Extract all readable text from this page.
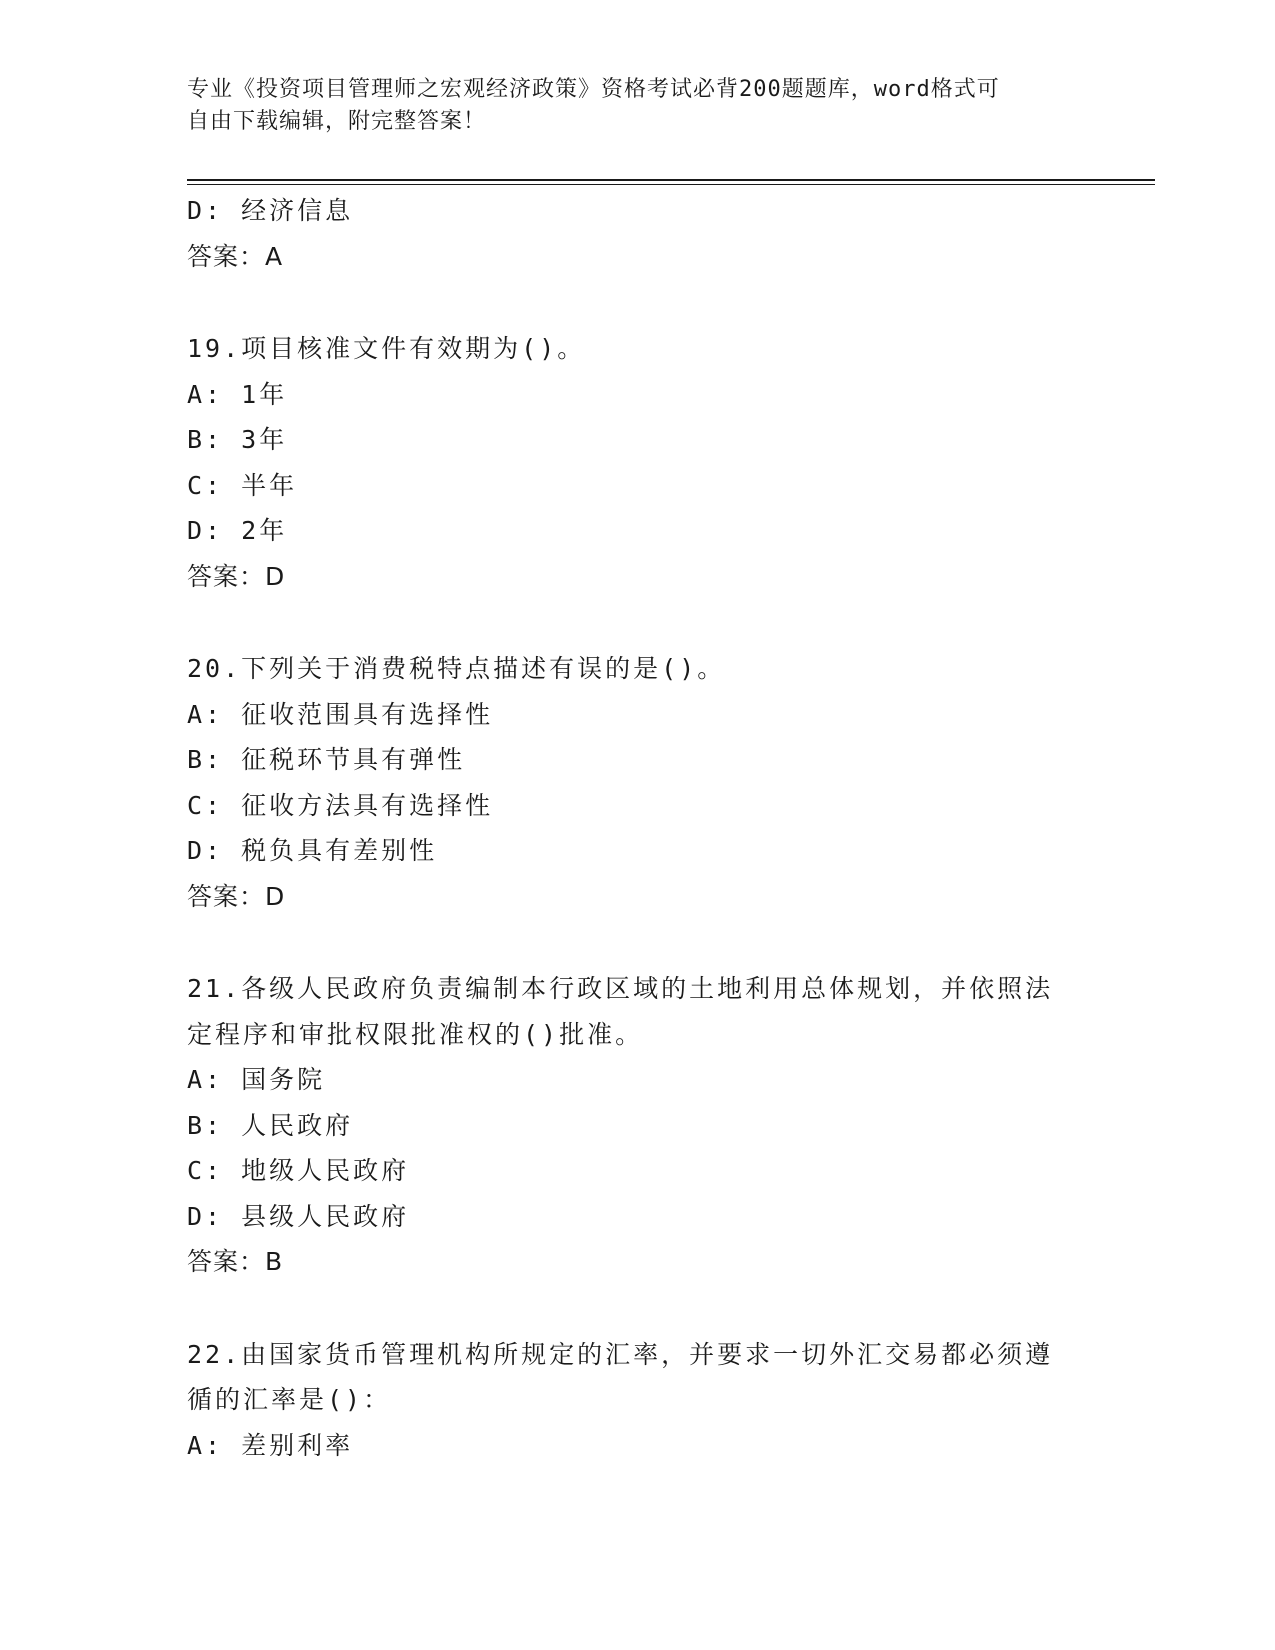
专业《投资项目管理师之宏观经济政策》资格考试必背200题题库，word格式可
自由下载编辑，附完整答案！
D: 经济信息
答案：A
19.项目核准文件有效期为()。
A: 1年
B: 3年
C: 半年
D: 2年
答案：D
20.下列关于消费税特点描述有误的是()。
A: 征收范围具有选择性
B: 征税环节具有弹性
C: 征收方法具有选择性
D: 税负具有差别性
答案：D
21.各级人民政府负责编制本行政区域的土地利用总体规划，并依照法
定程序和审批权限批准权的()批准。
A: 国务院
B: 人民政府
C: 地级人民政府
D: 县级人民政府
答案：B
22.由国家货币管理机构所规定的汇率，并要求一切外汇交易都必须遵
循的汇率是()：
A: 差别利率
